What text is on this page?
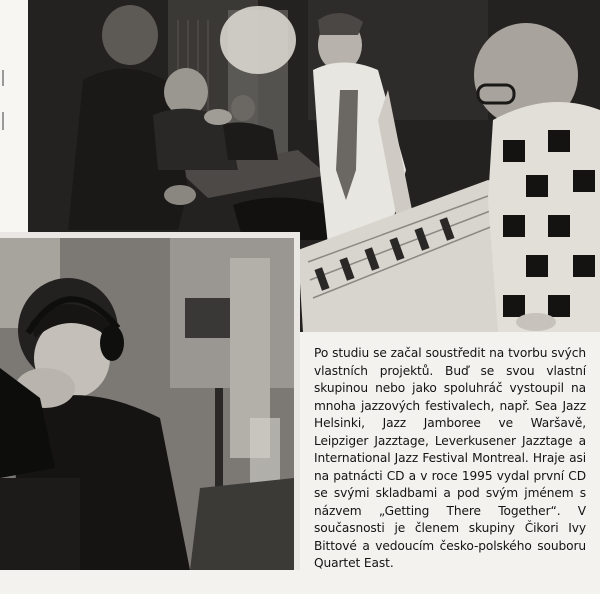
Po studiu se začal soustředit na tvorbu svých vlastních projektů. Buď se svou vlastní skupinou nebo jako spoluhráč vystoupil na mnoha jazzových festivalech, např. Sea Jazz Helsinki, Jazz Jamboree ve Waršavě, Leipziger Jazztage, Leverkusener Jazztage a International Jazz Festival Montreal. Hraje asi na patnácti CD a v roce 1995 vydal první CD se svými skladbami a pod svým jménem s názvem „Getting There Together“. V současnosti je členem skupiny Čikori Ivy Bittové a vedoucím česko-polského souboru Quartet East.
